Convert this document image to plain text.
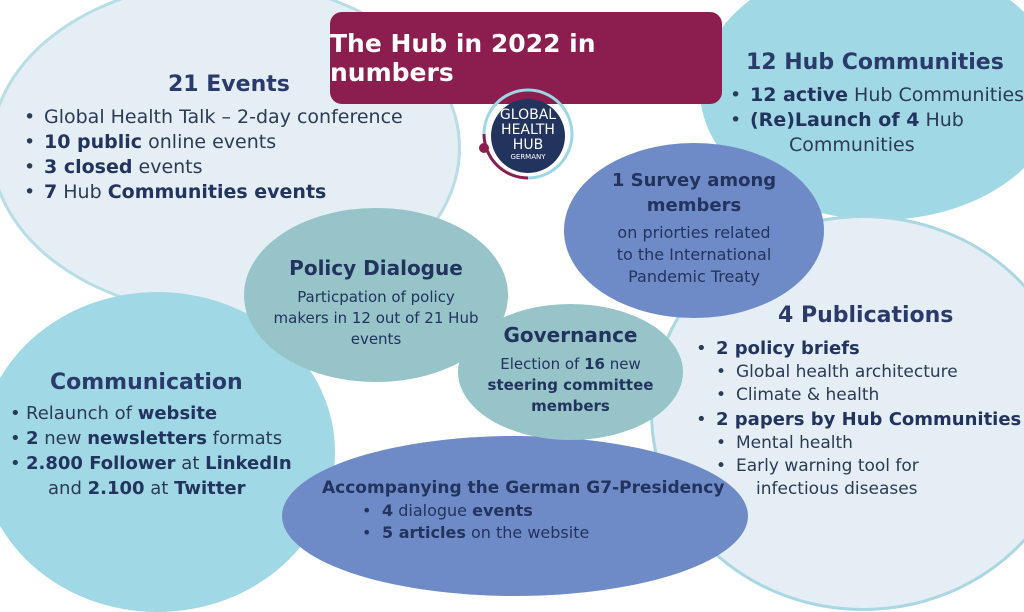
The Hub in 2022 in numbers
GLOBAL
HEALTH
HUB
GERMANY
21 Events
• Global Health Talk – 2-day conference
• 10 public online events
• 3 closed events
• 7 Hub Communities events
12 Hub Communities
• 12 active Hub Communities
• (Re)Launch of 4 Hub
Communities
1 Survey among
members
on priorties related
to the International
Pandemic Treaty
Policy Dialogue
Particpation of policy
makers in 12 out of 21 Hub
events	Governance
Election of 16 new
steering committee
members
4 Publications
• 2 policy briefs
• Global health architecture
• Climate & health
• 2 papers by Hub Communities
• Mental health
• Early warning tool for
infectious diseases
Communication
• Relaunch of website
• 2 new newsletters formats
• 2.800 Follower at LinkedIn
and 2.100 at Twitter	Accompanying the German G7-Presidency
• 4 dialogue events
• 5 articles on the website
